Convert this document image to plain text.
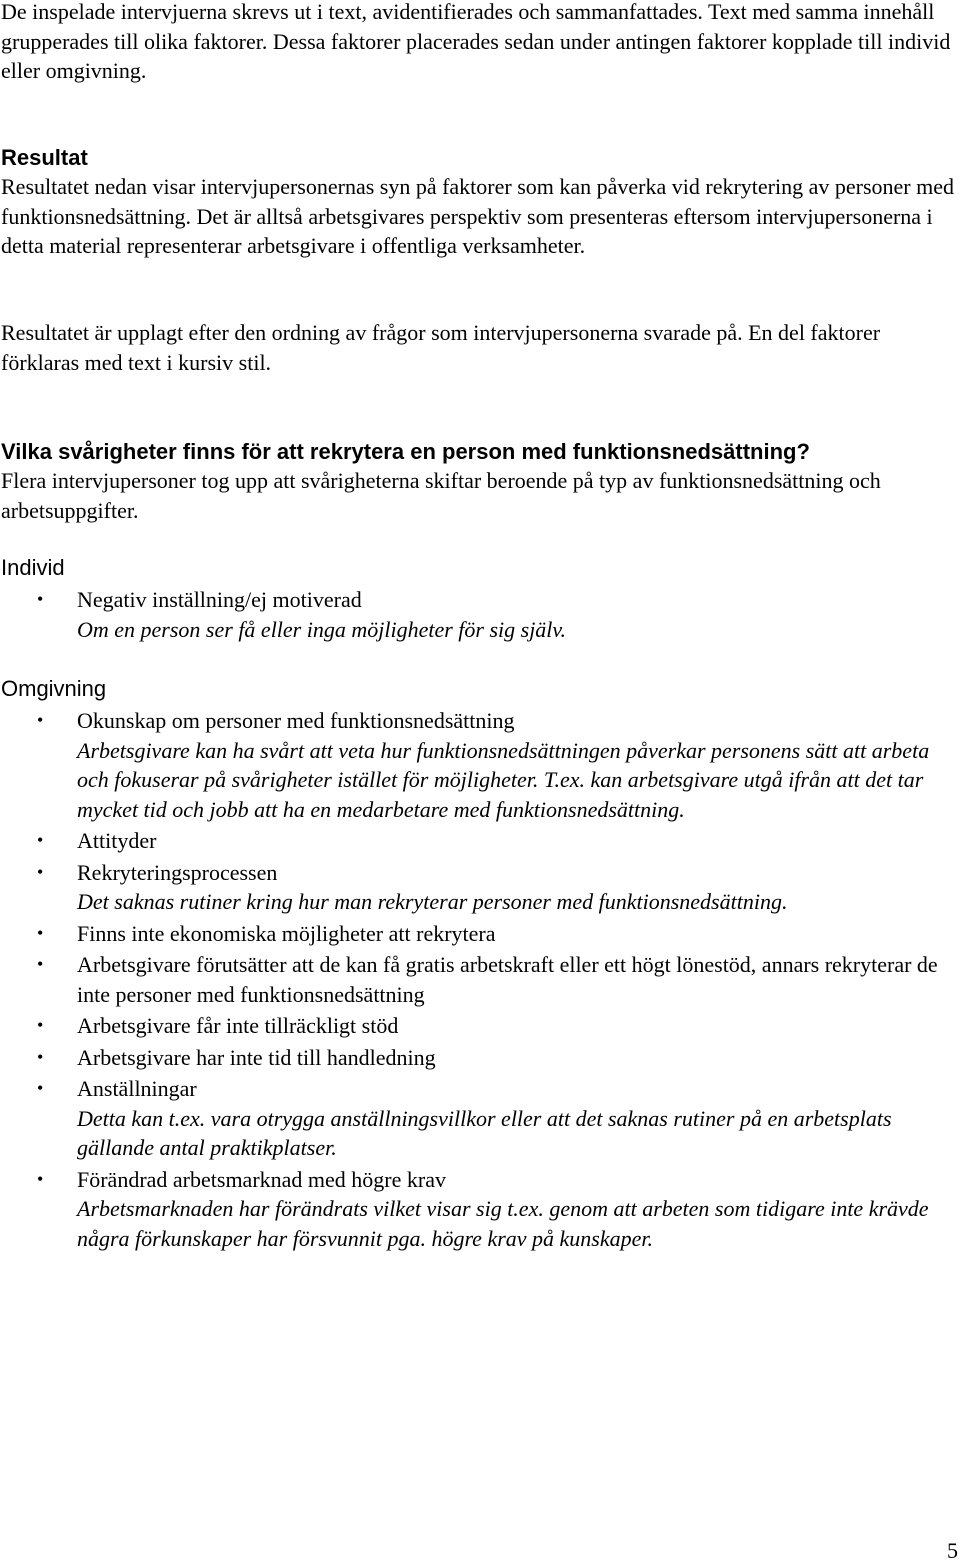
De inspelade intervjuerna skrevs ut i text, avidentifierades och sammanfattades. Text med samma innehåll grupperades till olika faktorer. Dessa faktorer placerades sedan under antingen faktorer kopplade till individ eller omgivning.

Resultat

Resultatet nedan visar intervjupersonernas syn på faktorer som kan påverka vid rekrytering av personer med funktionsnedsättning. Det är alltså arbetsgivares perspektiv som presenteras eftersom intervjupersonerna i detta material representerar arbetsgivare i offentliga verksamheter.

Resultatet är upplagt efter den ordning av frågor som intervjupersonerna svarade på. En del faktorer förklaras med text i kursiv stil.

Vilka svårigheter finns för att rekrytera en person med funktionsnedsättning?

Flera intervjupersoner tog upp att svårigheterna skiftar beroende på typ av funktionsnedsättning och arbetsuppgifter.

Individ
• Negativ inställning/ej motiverad
Om en person ser få eller inga möjligheter för sig själv.
Omgivning
• Okunskap om personer med funktionsnedsättning
Arbetsgivare kan ha svårt att veta hur funktionsnedsättningen påverkar personens sätt att arbeta och fokuserar på svårigheter istället för möjligheter. T.ex. kan arbetsgivare utgå ifrån att det tar mycket tid och jobb att ha en medarbetare med funktionsnedsättning.
• Attityder
• Rekryteringsprocessen
Det saknas rutiner kring hur man rekryterar personer med funktionsnedsättning.
• Finns inte ekonomiska möjligheter att rekrytera
• Arbetsgivare förutsätter att de kan få gratis arbetskraft eller ett högt lönestöd, annars rekryterar de inte personer med funktionsnedsättning
• Arbetsgivare får inte tillräckligt stöd
• Arbetsgivare har inte tid till handledning
• Anställningar
Detta kan t.ex. vara otrygga anställningsvillkor eller att det saknas rutiner på en arbetsplats gällande antal praktikplatser.
• Förändrad arbetsmarknad med högre krav
Arbetsmarknaden har förändrats vilket visar sig t.ex. genom att arbeten som tidigare inte krävde några förkunskaper har försvunnit pga. högre krav på kunskaper.
5
